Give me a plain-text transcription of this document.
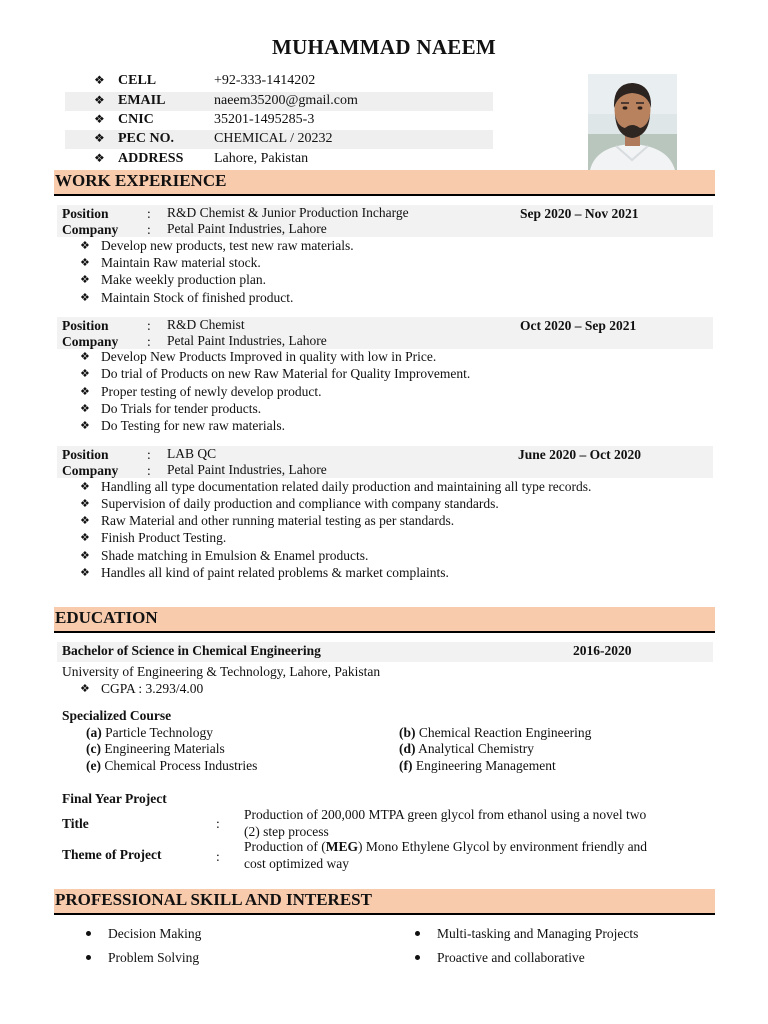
MUHAMMAD NAEEM
❖ CELL	+92-333-1414202
❖ EMAIL	naeem35200@gmail.com
❖ CNIC	35201-1495285-3
❖ PEC NO.	CHEMICAL / 20232
❖ ADDRESS Lahore, Pakistan
WORK EXPERIENCE
Position	: R&D Chemist & Junior Production Incharge
Company : Petal Paint Industries, Lahore
Sep 2020 – Nov 2021
❖ Develop new products, test new raw materials.
❖ Maintain Raw material stock.
❖ Make weekly production plan.
❖ Maintain Stock of finished product.
Position	: R&D Chemist
Company : Petal Paint Industries, Lahore
Oct 2020 – Sep 2021
❖ Develop New Products Improved in quality with low in Price.
❖ Do trial of Products on new Raw Material for Quality Improvement.
❖ Proper testing of newly develop product.
❖ Do Trials for tender products.
❖ Do Testing for new raw materials.
Position	: LAB QC
Company : Petal Paint Industries, Lahore
June 2020 – Oct 2020
❖ Handling all type documentation related daily production and maintaining all type records.
❖ Supervision of daily production and compliance with company standards.
❖ Raw Material and other running material testing as per standards.
❖ Finish Product Testing.
❖ Shade matching in Emulsion & Enamel products.
❖ Handles all kind of paint related problems & market complaints.
EDUCATION
Bachelor of Science in Chemical Engineering	2016-2020
University of Engineering & Technology, Lahore, Pakistan
❖ CGPA : 3.293/4.00
Specialized Course
(a) Particle Technology	(b) Chemical Reaction Engineering
(c) Engineering Materials	(d) Analytical Chemistry
(e) Chemical Process Industries	(f) Engineering Management
Final Year Project
Title	:
Production of 200,000 MTPA green glycol from ethanol using a novel two
(2) step process
Theme of Project	:
Production of (MEG) Mono Ethylene Glycol by environment friendly and
cost optimized way
PROFESSIONAL SKILL AND INTEREST
Decision Making	Multi-tasking and Managing Projects
Problem Solving	Proactive and collaborative
